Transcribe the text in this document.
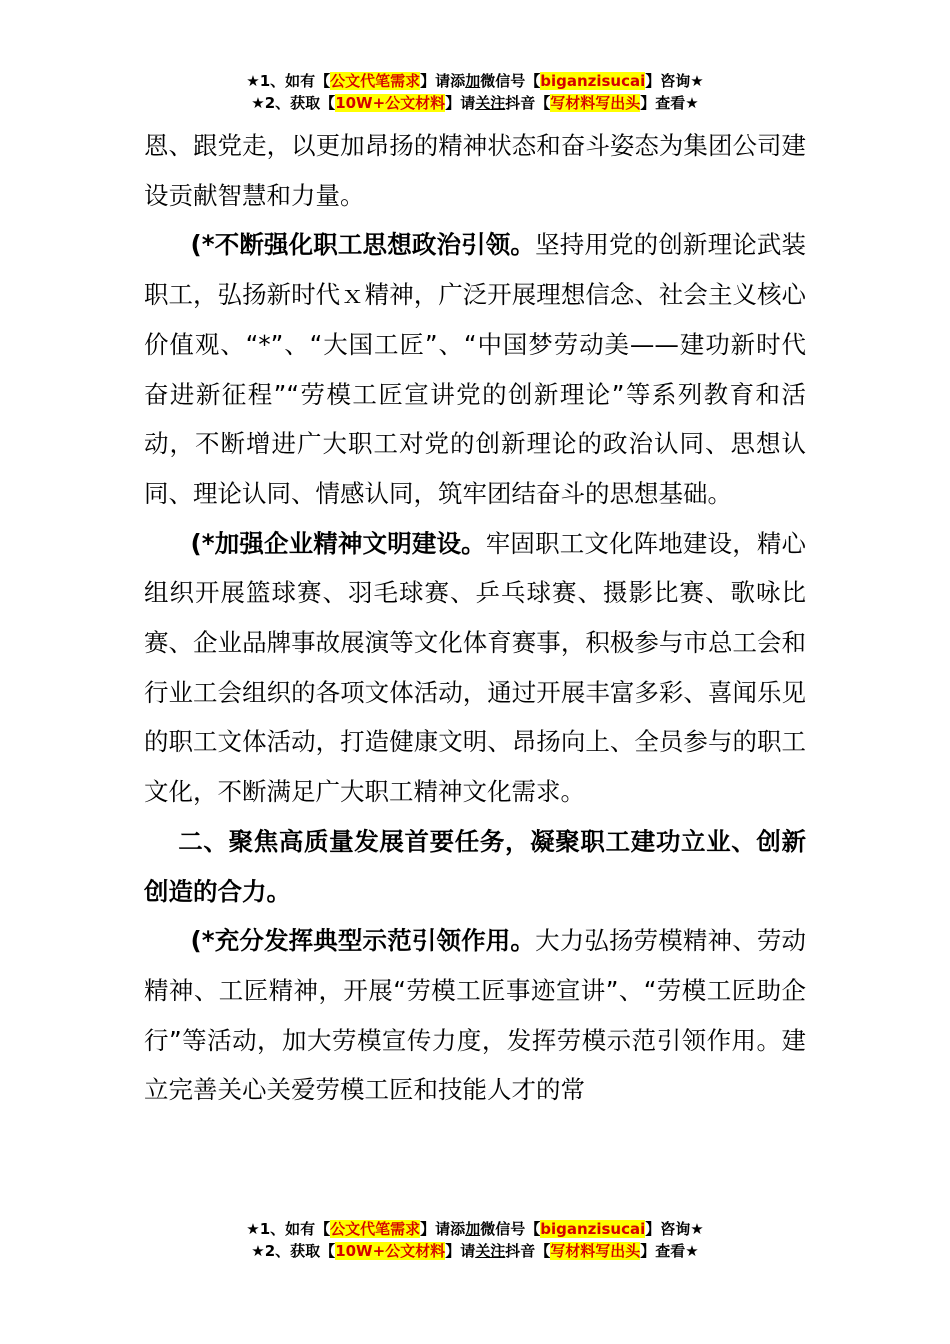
★1、如有【公文代笔需求】请添加微信号【biganzisucai】咨询★
★2、获取【10W+公文材料】请关注抖音【写材料写出头】查看★

恩、跟党走，以更加昂扬的精神状态和奋斗姿态为集团公司建设贡献智慧和力量。

(*不断强化职工思想政治引领。坚持用党的创新理论武装职工，弘扬新时代ｘ精神，广泛开展理想信念、社会主义核心价值观、“*”、“大国工匠”、“中国梦劳动美——建功新时代奋进新征程”“劳模工匠宣讲党的创新理论”等系列教育和活动，不断增进广大职工对党的创新理论的政治认同、思想认同、理论认同、情感认同，筑牢团结奋斗的思想基础。

(*加强企业精神文明建设。牢固职工文化阵地建设，精心组织开展篮球赛、羽毛球赛、乒乓球赛、摄影比赛、歌咏比赛、企业品牌事故展演等文化体育赛事，积极参与市总工会和行业工会组织的各项文体活动，通过开展丰富多彩、喜闻乐见的职工文体活动，打造健康文明、昂扬向上、全员参与的职工文化，不断满足广大职工精神文化需求。

二、聚焦高质量发展首要任务，凝聚职工建功立业、创新创造的合力。

(*充分发挥典型示范引领作用。大力弘扬劳模精神、劳动精神、工匠精神，开展“劳模工匠事迹宣讲”、“劳模工匠助企行”等活动，加大劳模宣传力度，发挥劳模示范引领作用。建立完善关心关爱劳模工匠和技能人才的常

★1、如有【公文代笔需求】请添加微信号【biganzisucai】咨询★
★2、获取【10W+公文材料】请关注抖音【写材料写出头】查看★
